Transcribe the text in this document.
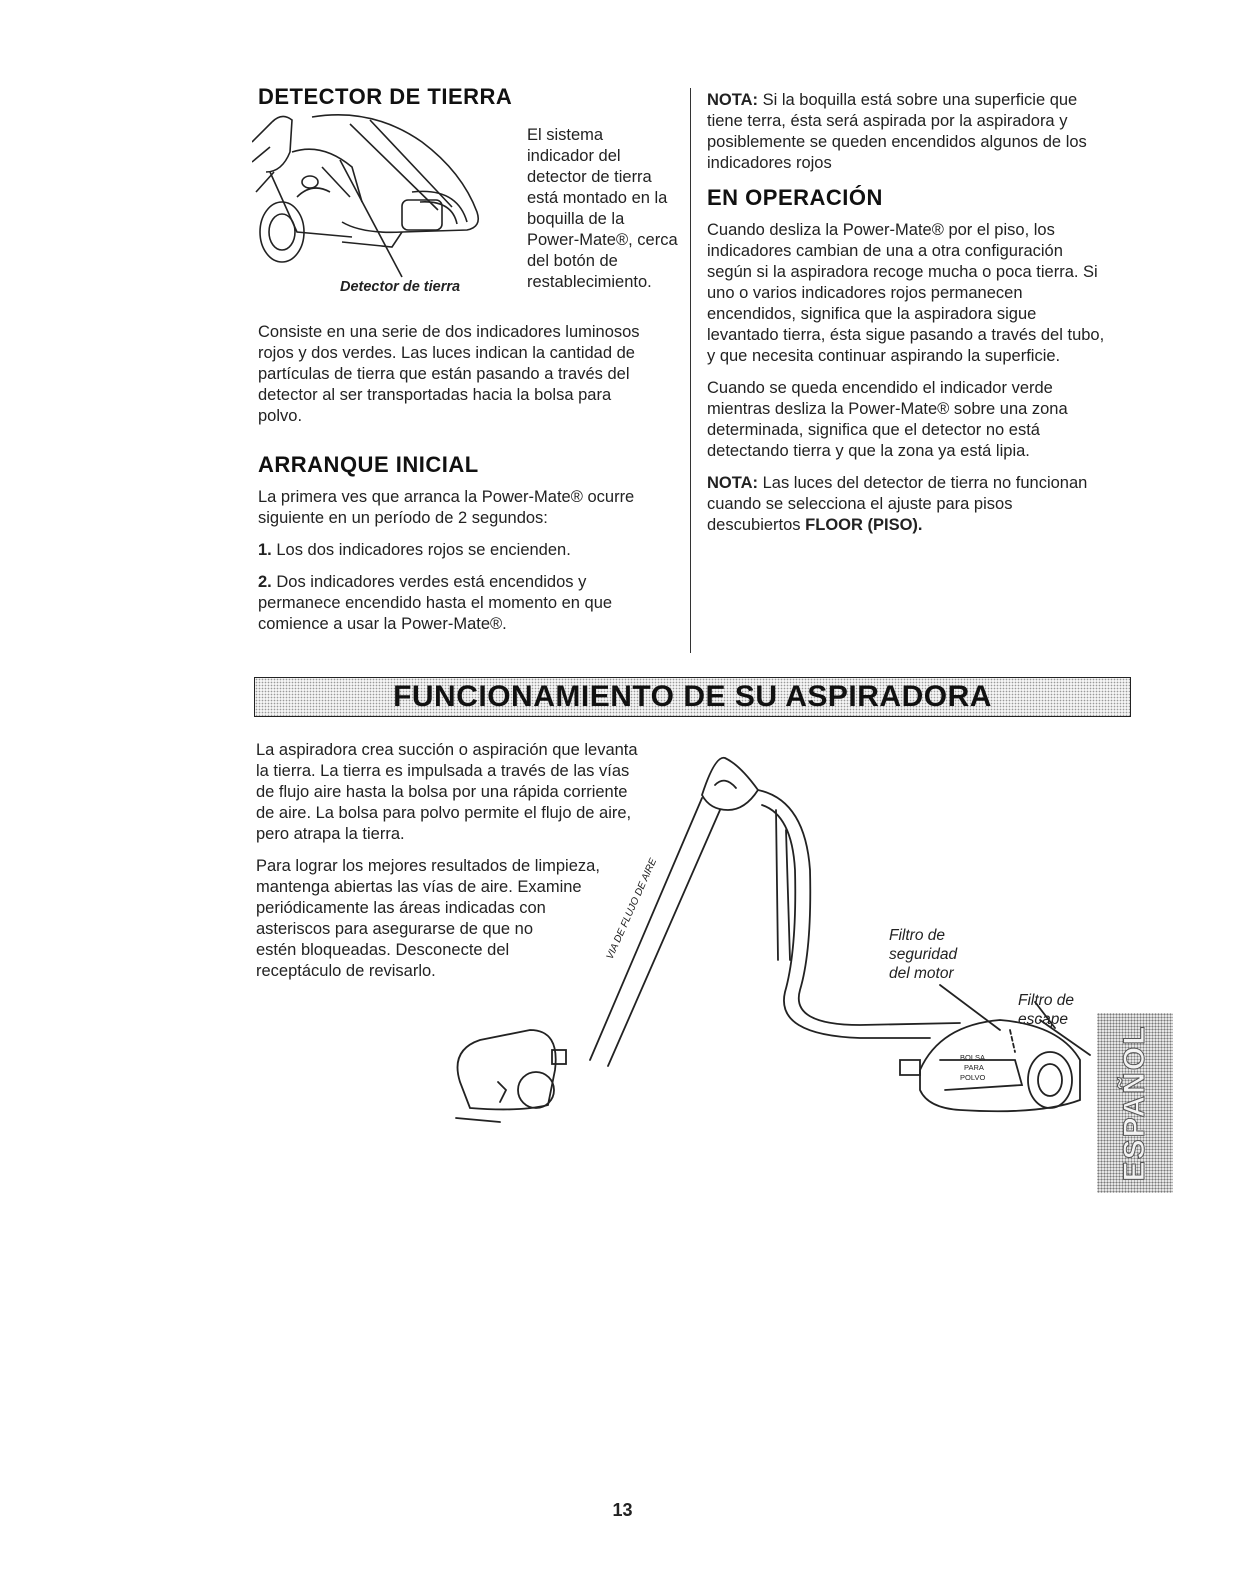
DETECTOR DE TIERRA
El sistema
indicador del
detector de tierra
está montado en la
boquilla de la
Power-Mate®, cerca
del botón de
restablecimiento.
Detector de tierra
Consiste en una serie de dos indicadores luminosos
rojos y dos verdes. Las luces indican la cantidad de
partículas de tierra que están pasando a través del
detector al ser transportadas hacia la bolsa para
polvo.
ARRANQUE INICIAL
La primera ves que arranca la Power-Mate® ocurre
siguiente en un período de 2 segundos:
1. Los dos indicadores rojos se encienden.
2. Dos indicadores verdes está encendidos y
permanece encendido hasta el momento en que
comience a usar la Power-Mate®.
NOTA: Si la boquilla está sobre una superficie que
tiene terra, ésta será aspirada por la aspiradora y
posiblemente se queden encendidos algunos de los
indicadores rojos
EN OPERACIÓN
Cuando desliza la Power-Mate® por el piso, los
indicadores cambian de una a otra configuración
según si la aspiradora recoge mucha o poca tierra. Si
uno o varios indicadores rojos permanecen
encendidos, significa que la aspiradora sigue
levantado tierra, ésta sigue pasando a través del tubo,
y que necesita continuar aspirando la superficie.
Cuando se queda encendido el indicador verde
mientras desliza la Power-Mate® sobre una zona
determinada, significa que el detector no está
detectando tierra y que la zona ya está lipia.
NOTA: Las luces del detector de tierra no funcionan
cuando se selecciona el ajuste para pisos
descubiertos FLOOR (PISO).
FUNCIONAMIENTO DE SU ASPIRADORA
La aspiradora crea succión o aspiración que levanta
la tierra. La tierra es impulsada a través de las vías
de flujo aire hasta la bolsa por una rápida corriente
de aire. La bolsa para polvo permite el flujo de aire,
pero atrapa la tierra.
Para lograr los mejores resultados de limpieza,
mantenga abiertas las vías de aire. Examine
periódicamente las áreas indicadas con
asteriscos para asegurarse de que no
estén bloqueadas. Desconecte del
receptáculo de revisarlo.
VIA DE FLUJO DE AIRE
BOLSA
PARA
POLVO
Filtro de
seguridad
del motor
Filtro de
escape
ESPAÑOL
13
